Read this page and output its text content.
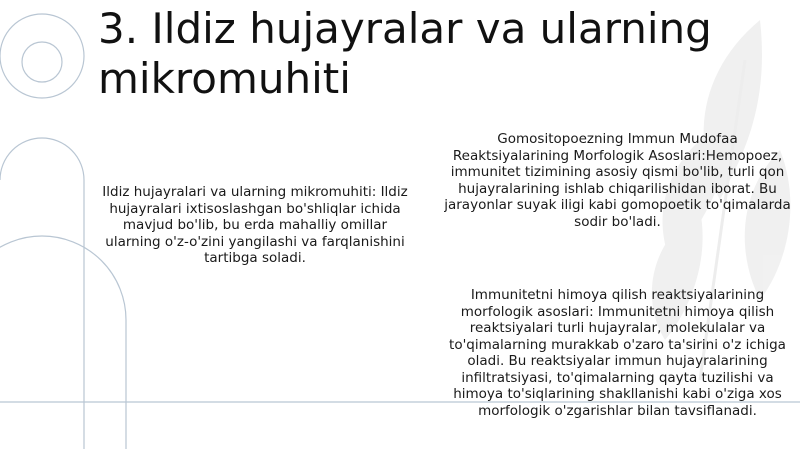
3. Ildiz hujayralar va ularning mikromuhiti

Ildiz hujayralari va ularning mikromuhiti: Ildiz hujayralari ixtisoslashgan bo'shliqlar ichida mavjud bo'lib, bu erda mahalliy omillar ularning o'z-o'zini yangilashi va farqlanishini tartibga soladi.

Gomositopoezning Immun Mudofaa Reaktsiyalarining Morfologik Asoslari:Hemopoez, immunitet tizimining asosiy qismi bo'lib, turli qon hujayralarining ishlab chiqarilishidan iborat. Bu jarayonlar suyak iligi kabi gomopoetik to'qimalarda sodir bo'ladi.

Immunitetni himoya qilish reaktsiyalarining morfologik asoslari: Immunitetni himoya qilish reaktsiyalari turli hujayralar, molekulalar va to'qimalarning murakkab o'zaro ta'sirini o'z ichiga oladi. Bu reaktsiyalar immun hujayralarining infiltratsiyasi, to'qimalarning qayta tuzilishi va himoya to'siqlarining shakllanishi kabi o'ziga xos morfologik o'zgarishlar bilan tavsiflanadi.
